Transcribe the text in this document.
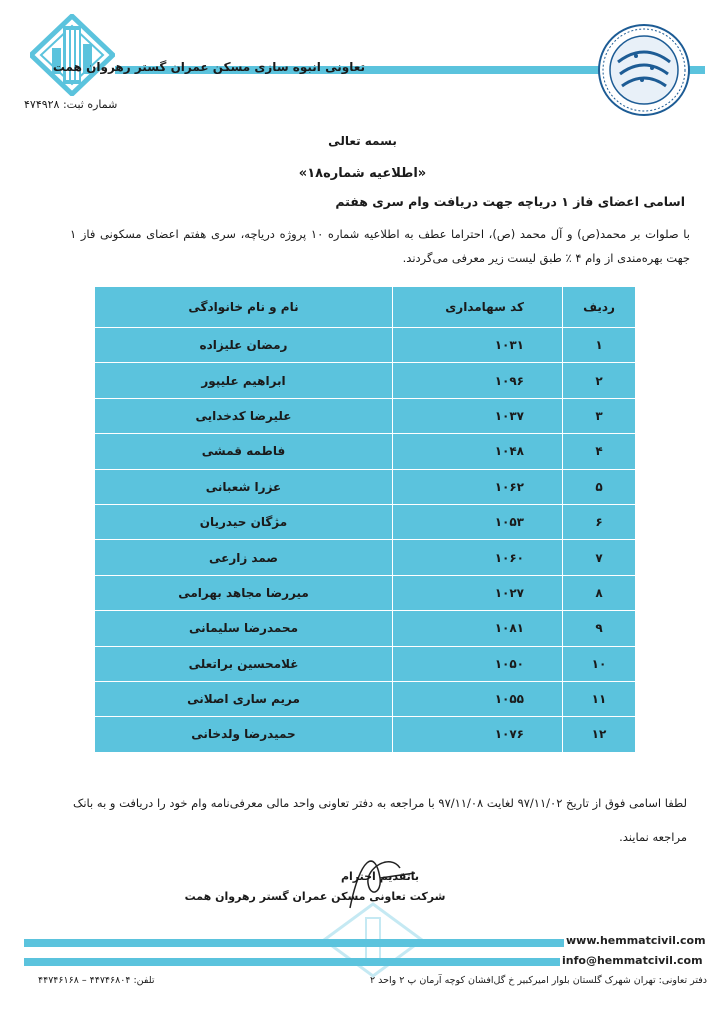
تعاونی انبوه سازی مسکن عمران گستر رهروان همت
شماره ثبت: ۴۷۴۹۲۸
بسمه تعالی
«اطلاعیه شماره۱۸»
اسامی اعضای فاز ۱ دریاچه جهت دریافت وام سری هفتم
با صلوات بر محمد(ص) و آل محمد (ص)، احتراما عطف به اطلاعیه شماره ۱۰ پروژه دریاچه، سری هفتم اعضای مسکونی فاز ۱ جهت بهره‌مندی از وام ۴ ٪ طبق لیست زیر معرفی می‌گردند.
ردیف	کد سهامداری	نام و نام خانوادگی
۱	۱۰۳۱	رمضان علیزاده
۲	۱۰۹۶	ابراهیم علیپور
۳	۱۰۳۷	علیرضا کدخدایی
۴	۱۰۴۸	فاطمه قمشی
۵	۱۰۶۲	عزرا شعبانی
۶	۱۰۵۳	مژگان حیدریان
۷	۱۰۶۰	صمد زارعی
۸	۱۰۲۷	میررضا مجاهد بهرامی
۹	۱۰۸۱	محمدرضا سلیمانی
۱۰	۱۰۵۰	غلامحسین براتعلی
۱۱	۱۰۵۵	مریم ساری اصلانی
۱۲	۱۰۷۶	حمیدرضا ولدخانی
لطفا اسامی فوق از تاریخ ۹۷/۱۱/۰۲ لغایت ۹۷/۱۱/۰۸ با مراجعه به دفتر تعاونی واحد مالی معرفی‌نامه وام خود را دریافت و به بانک مراجعه نمایند.
باتقدیم احترام
شرکت تعاونی مسکن عمران گستر رهروان همت
www.hemmatcivil.com
info@hemmatcivil.com
دفتر تعاونی: تهران شهرک گلستان بلوار امیرکبیر خ گل‌افشان کوچه آرمان پ ۲ واحد ۲
تلفن: ۴۴۷۴۶۸۰۴ – ۴۴۷۴۶۱۶۸
